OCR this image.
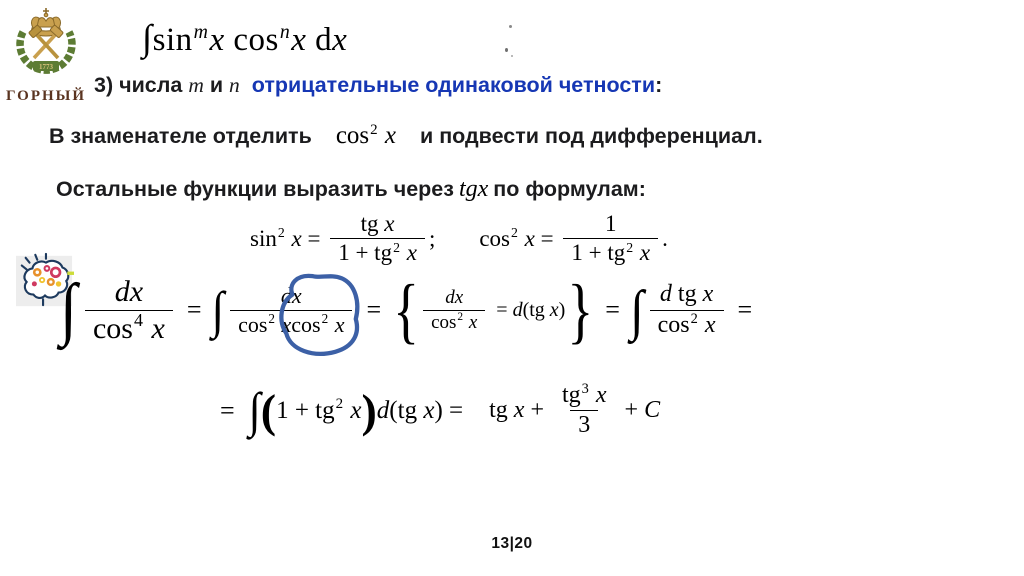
1773
ГОРНЫЙ
$\int\sin^mx$ $\cos^nx$ dx
3) числа m и n отрицательные одинаковой четности:
В знаменателе отделить $\cos^2 x$ и подвести под дифференциал.
Остальные функции выразить через tgx по формулам:
$\sin^2 x = \frac{\text{tg x}}{1 + tg^2 x}$ ; $\cos^2 x = \frac{1}{1 + tg^2 x}$ .
∫ $\frac{dx}{\cos^4 x}$ = ∫ $\frac{dx}{\cos^2 xcos^2 x}$ = { $\frac{dx}{\cos^2 x} = d(tg$ x) } = ∫ $\frac{\text{d tg x}}{\cos^2 x}$ =
= ∫ ( $1 + tg^2$ x ) d(tg x) = tg $x + \frac{tg^3 x}{3} + C$
13|20
